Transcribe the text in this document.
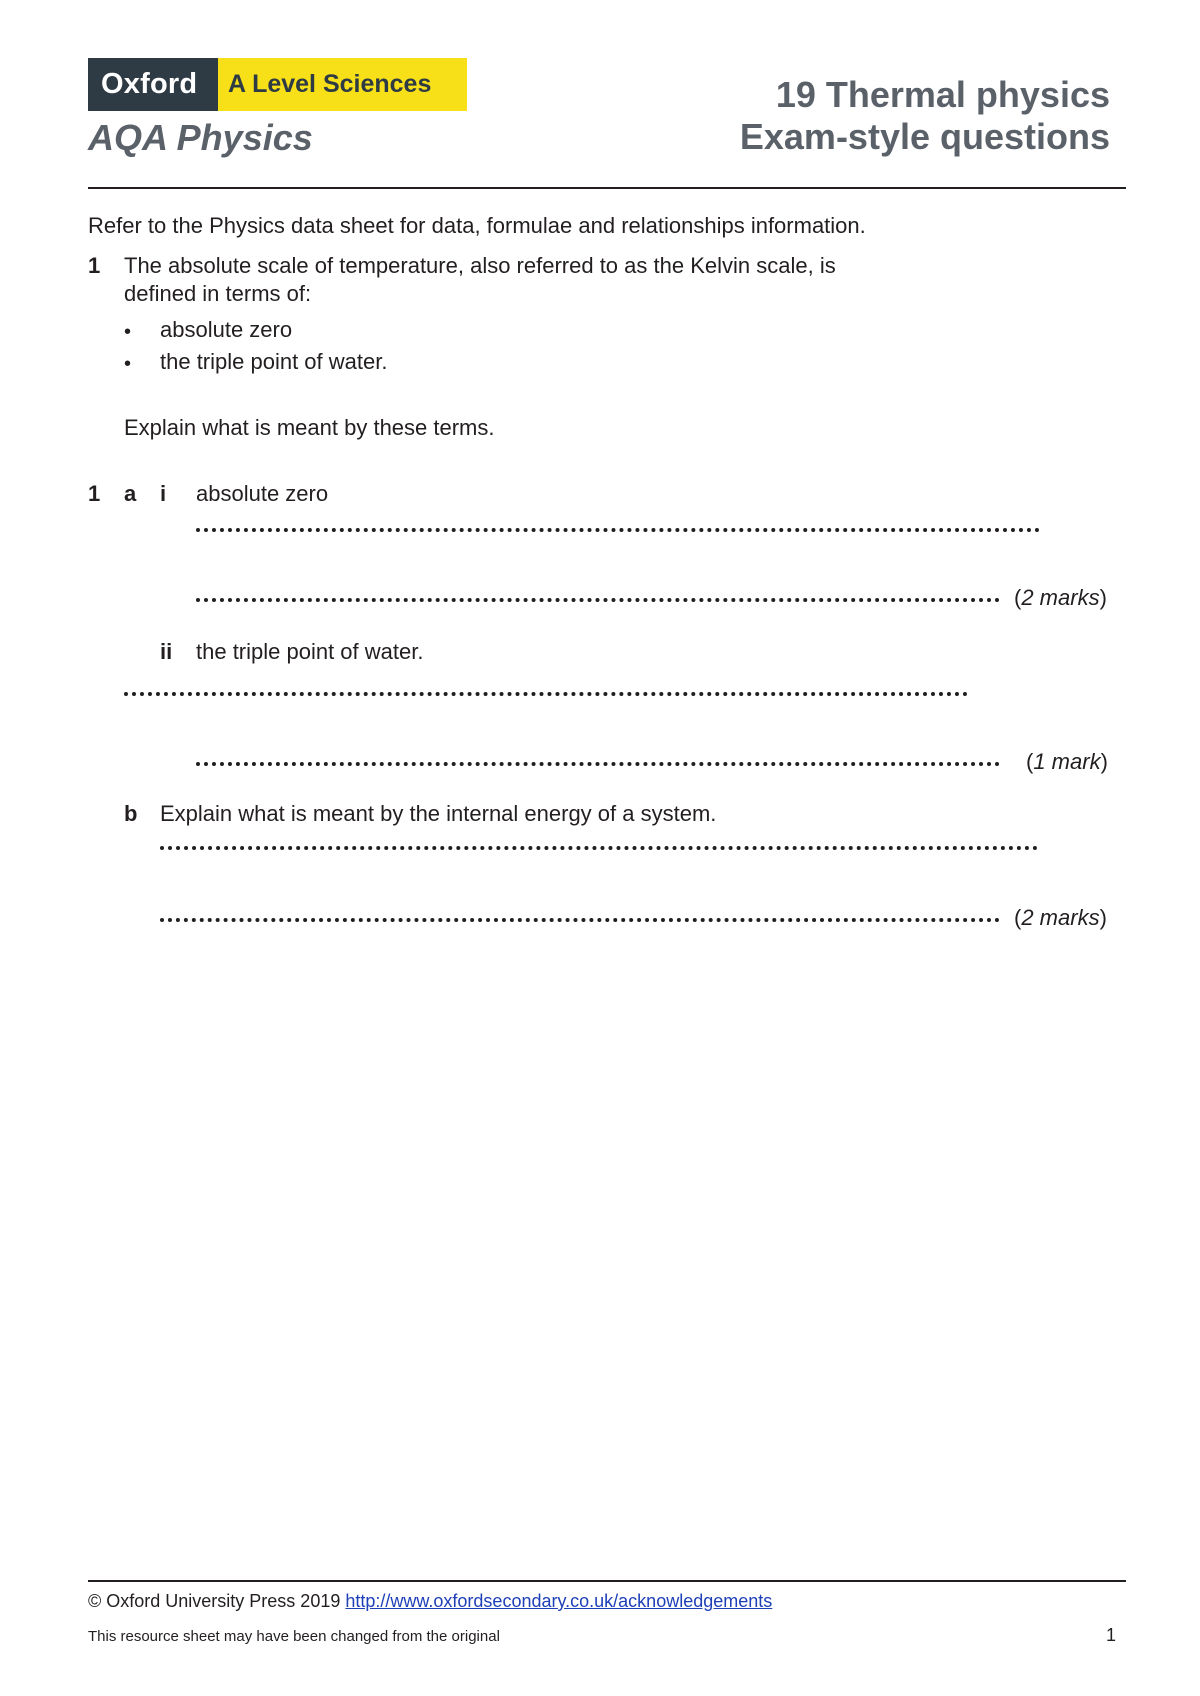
Oxford	A Level Sciences
AQA Physics
19 Thermal physics
Exam-style questions
Refer to the Physics data sheet for data, formulae and relationships information.
1 The absolute scale of temperature, also referred to as the Kelvin scale, is defined in terms of:
• absolute zero
• the triple point of water.
Explain what is meant by these terms.
1 a i absolute zero
(2 marks)
ii the triple point of water.
(1 mark)
b Explain what is meant by the internal energy of a system.
(2 marks)
© Oxford University Press 2019 http://www.oxfordsecondary.co.uk/acknowledgements
This resource sheet may have been changed from the original	1
